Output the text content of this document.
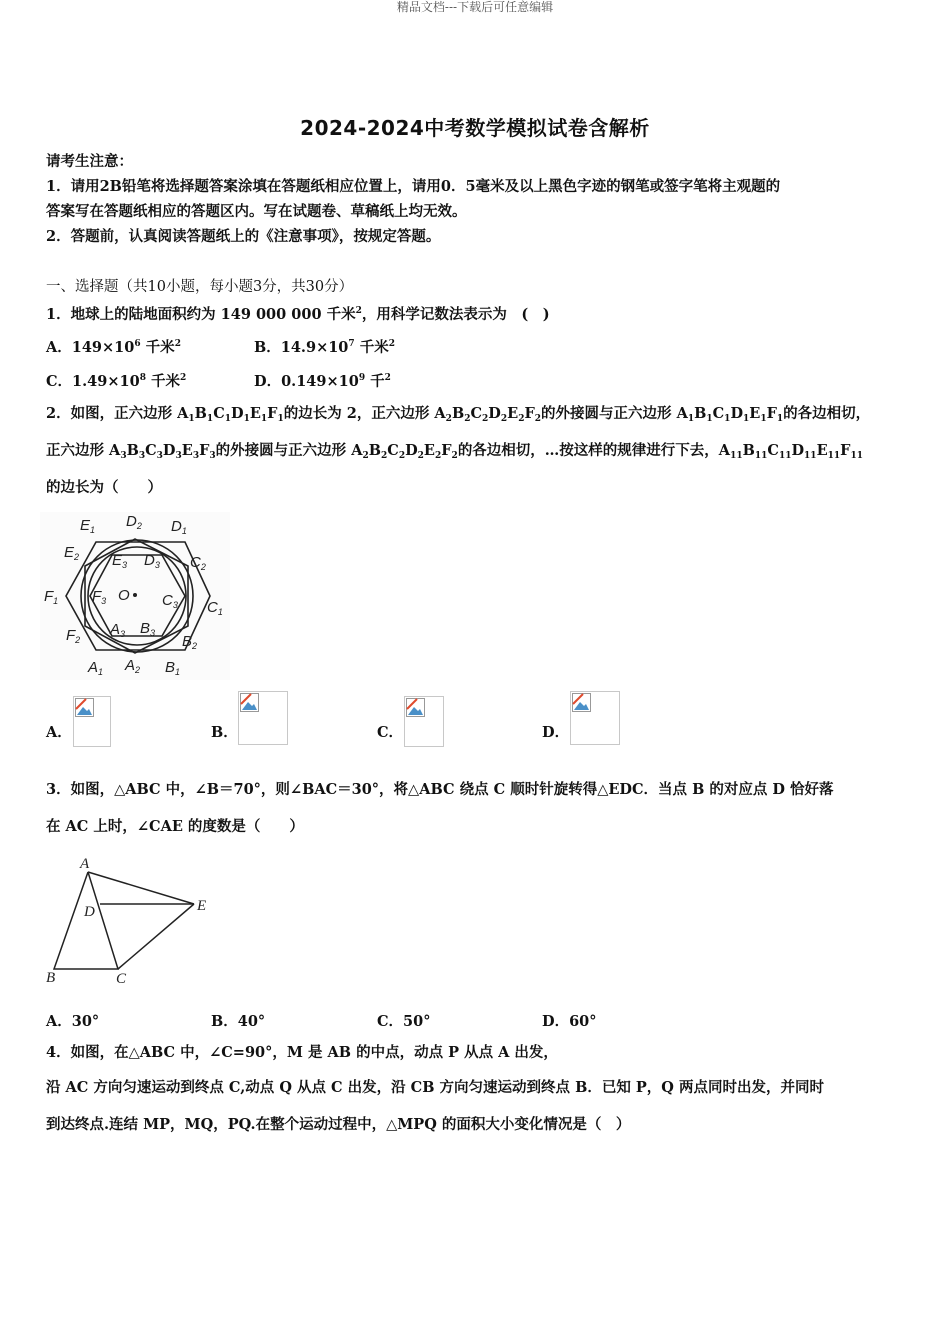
精品文档---下载后可任意编辑
2024-2024中考数学模拟试卷含解析
请考生注意：
1．请用2B铅笔将选择题答案涂填在答题纸相应位置上，请用0．5毫米及以上黑色字迹的钢笔或签字笔将主观题的
答案写在答题纸相应的答题区内。写在试题卷、草稿纸上均无效。
2．答题前，认真阅读答题纸上的《注意事项》，按规定答题。
一、选择题（共10小题，每小题3分，共30分）
1．地球上的陆地面积约为 149 000 000 千米$^2$，用科学记数法表示为　(　)
A．$149\times 10^6$ 千米$^2$	B．$14.9\times 10^7$ 千米$^2$
C．$1.49\times 10^8$ 千米$^2$	D．$0.149\times 10^9$ 千$^2$
2．如图，正六边形 $A_1B_1C_1D_1E_1F_1$的边长为 2，正六边形 $A_2B_2C_2D_2E_2F_2$的外接圆与正六边形 $A_1B_1C_1D_1E_1F_1$的各边相切，
正六边形 $A_3B_3C_3D_3E_3F_3$的外接圆与正六边形 $A_2B_2C_2D_2E_2F_2$的各边相切，…按这样的规律进行下去，$A_{11}B_{11}C_{11}D_{11}E_{11}F_{11}$
的边长为（　　）
$E_1$ $D_2$ $D_1$
$E_2$ $E_3$ $D_3$ $C_2$
$F_1$ $F_3$ O $C_3$ $C_1$
$F_2$
$A_3$ $B_3$ $B_2$
$A_1$ $A_2$ $B_1$
A．	B．	C．	D．
3．如图，△ABC 中，∠B＝70°，则∠BAC＝30°，将△ABC 绕点 C 顺时针旋转得△EDC．当点 B 的对应点 D 恰好落
在 AC 上时，∠CAE 的度数是（　　）
A
D	E
B	C
A．30°	B．40°	C．50°	D．60°
4．如图，在△ABC 中，∠C=90°，M 是 AB 的中点，动点 P 从点 A 出发，
沿 AC 方向匀速运动到终点 C,动点 Q 从点 C 出发，沿 CB 方向匀速运动到终点 B．已知 P，Q 两点同时出发，并同时
到达终点.连结 MP，MQ，PQ.在整个运动过程中，△MPQ 的面积大小变化情况是（　）
